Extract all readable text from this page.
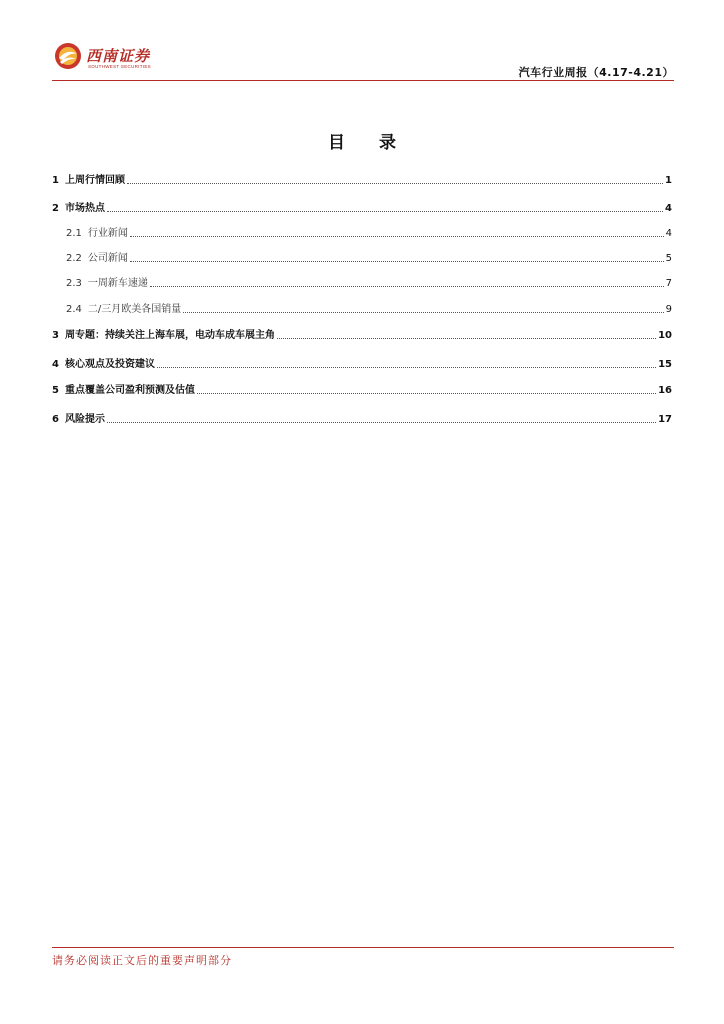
西南证券
SOUTHWEST SECURITIES	汽车行业周报（4.17-4.21）
目 录
1 上周行情回顾	1
2 市场热点	4
2.1 行业新闻	4
2.2 公司新闻	5
2.3 一周新车速递	7
2.4 二/三月欧美各国销量	9
3 周专题：持续关注上海车展，电动车成车展主角	10
4 核心观点及投资建议	15
5 重点覆盖公司盈利预测及估值	16
6 风险提示	17
请务必阅读正文后的重要声明部分
